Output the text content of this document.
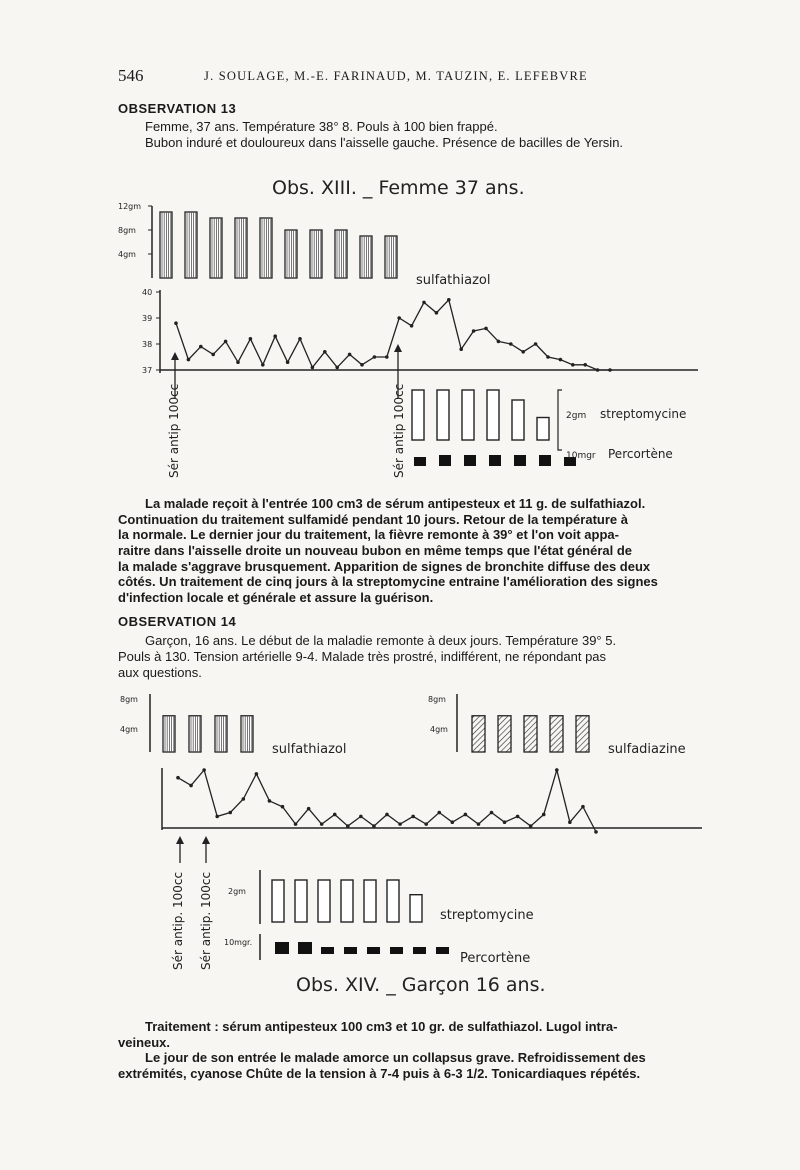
546	J. SOULAGE, M.-E. FARINAUD, M. TAUZIN, E. LEFEBVRE
OBSERVATION 13
Femme, 37 ans. Température 38° 8. Pouls à 100 bien frappé.
Bubon induré et douloureux dans l'aisselle gauche. Présence de bacilles de Yersin.
Obs. XIII. _ Femme 37 ans.
12gm
8gm
4gm
sulfathiazol
40
39
38
37
Sér antip 100cc	Sér antip 100cc	2gm streptomycine
10mgr Percortène
La malade reçoit à l'entrée 100 cm3 de sérum antipesteux et 11 g. de sulfathiazol.
Continuation du traitement sulfamidé pendant 10 jours. Retour de la température à
la normale. Le dernier jour du traitement, la fièvre remonte à 39° et l'on voit appa-
raitre dans l'aisselle droite un nouveau bubon en même temps que l'état général de
la malade s'aggrave brusquement. Apparition de signes de bronchite diffuse des deux
côtés. Un traitement de cinq jours à la streptomycine entraine l'amélioration des signes
d'infection locale et générale et assure la guérison.
OBSERVATION 14
Garçon, 16 ans. Le début de la maladie remonte à deux jours. Température 39° 5.
Pouls à 130. Tension artérielle 9-4. Malade très prostré, indifférent, ne répondant pas
aux questions.
8gm
4gm
sulfathiazol
8gm
4gm
sulfadiazine
Sér antip. 100cc Sér antip. 100cc 2gm
streptomycine
10mgr.
Percortène
Obs. XIV. _ Garçon 16 ans.
Traitement : sérum antipesteux 100 cm3 et 10 gr. de sulfathiazol. Lugol intra-
veineux.
Le jour de son entrée le malade amorce un collapsus grave. Refroidissement des
extrémités, cyanose Chûte de la tension à 7-4 puis à 6-3 1/2. Tonicardiaques répétés.
